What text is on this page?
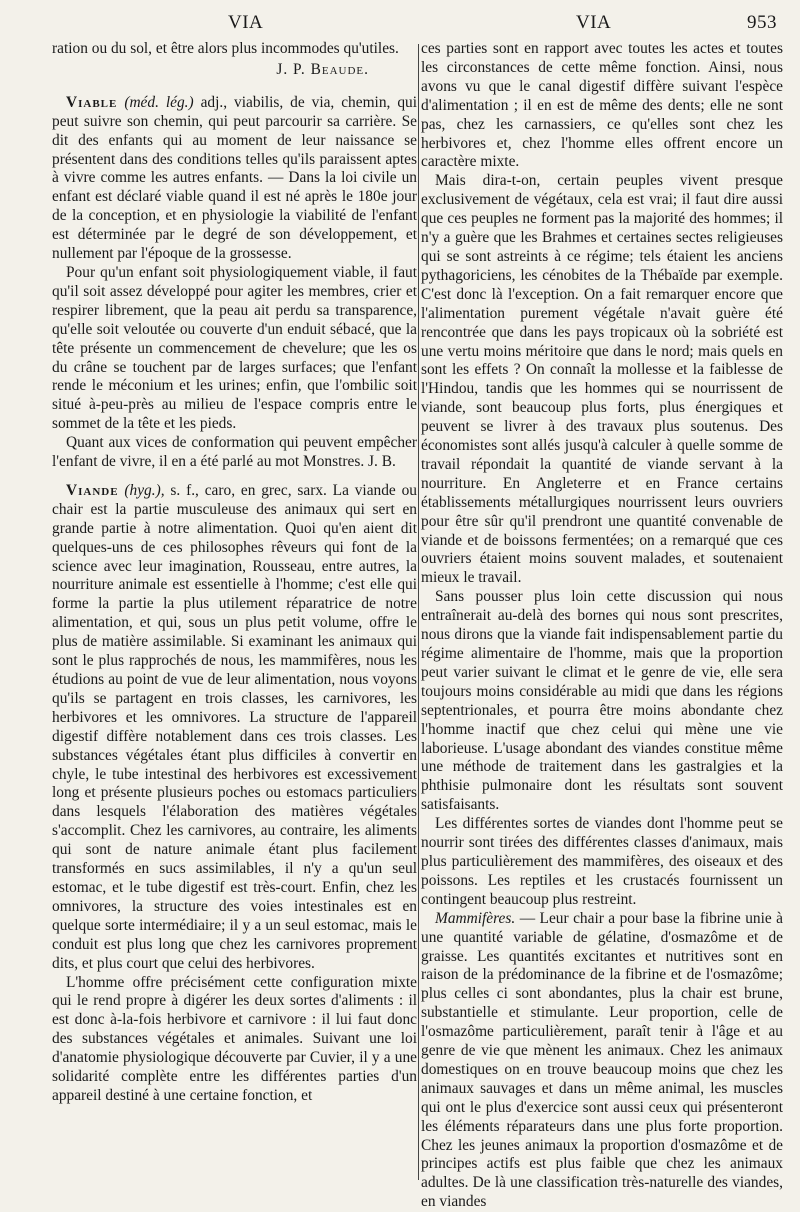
VIA	VIA	953

ration ou du sol, et être alors plus incommodes qu'utiles.

J. P. Beaude.

Viable (méd. lég.) adj., viabilis, de via, chemin, qui peut suivre son chemin, qui peut parcourir sa carrière. Se dit des enfants qui au moment de leur naissance se présentent dans des conditions telles qu'ils paraissent aptes à vivre comme les autres enfants. — Dans la loi civile un enfant est déclaré viable quand il est né après le 180e jour de la conception, et en physiologie la viabilité de l'enfant est déterminée par le degré de son développement, et nullement par l'époque de la grossesse.

Pour qu'un enfant soit physiologiquement viable, il faut qu'il soit assez développé pour agiter les membres, crier et respirer librement, que la peau ait perdu sa transparence, qu'elle soit veloutée ou couverte d'un enduit sébacé, que la tête présente un commencement de chevelure; que les os du crâne se touchent par de larges surfaces; que l'enfant rende le méconium et les urines; enfin, que l'ombilic soit situé à-peu-près au milieu de l'espace compris entre le sommet de la tête et les pieds.

Quant aux vices de conformation qui peuvent empêcher l'enfant de vivre, il en a été parlé au mot Monstres. J. B.

Viande (hyg.), s. f., caro, en grec, sarx. La viande ou chair est la partie musculeuse des animaux qui sert en grande partie à notre alimentation. Quoi qu'en aient dit quelques-uns de ces philosophes rêveurs qui font de la science avec leur imagination, Rousseau, entre autres, la nourriture animale est essentielle à l'homme; c'est elle qui forme la partie la plus utilement réparatrice de notre alimentation, et qui, sous un plus petit volume, offre le plus de matière assimilable. Si examinant les animaux qui sont le plus rapprochés de nous, les mammifères, nous les étudions au point de vue de leur alimentation, nous voyons qu'ils se partagent en trois classes, les carnivores, les herbivores et les omnivores. La structure de l'appareil digestif diffère notablement dans ces trois classes. Les substances végétales étant plus difficiles à convertir en chyle, le tube intestinal des herbivores est excessivement long et présente plusieurs poches ou estomacs particuliers dans lesquels l'élaboration des matières végétales s'accomplit. Chez les carnivores, au contraire, les aliments qui sont de nature animale étant plus facilement transformés en sucs assimilables, il n'y a qu'un seul estomac, et le tube digestif est très-court. Enfin, chez les omnivores, la structure des voies intestinales est en quelque sorte intermédiaire; il y a un seul estomac, mais le conduit est plus long que chez les carnivores proprement dits, et plus court que celui des herbivores.

L'homme offre précisément cette configuration mixte qui le rend propre à digérer les deux sortes d'aliments : il est donc à-la-fois herbivore et carnivore : il lui faut donc des substances végétales et animales. Suivant une loi d'anatomie physiologique découverte par Cuvier, il y a une solidarité complète entre les différentes parties d'un appareil destiné à une certaine fonction, et

ces parties sont en rapport avec toutes les actes et toutes les circonstances de cette même fonction. Ainsi, nous avons vu que le canal digestif diffère suivant l'espèce d'alimentation ; il en est de même des dents; elle ne sont pas, chez les carnassiers, ce qu'elles sont chez les herbivores et, chez l'homme elles offrent encore un caractère mixte.

Mais dira-t-on, certain peuples vivent presque exclusivement de végétaux, cela est vrai; il faut dire aussi que ces peuples ne forment pas la majorité des hommes; il n'y a guère que les Brahmes et certaines sectes religieuses qui se sont astreints à ce régime; tels étaient les anciens pythagoriciens, les cénobites de la Thébaïde par exemple. C'est donc là l'exception. On a fait remarquer encore que l'alimentation purement végétale n'avait guère été rencontrée que dans les pays tropicaux où la sobriété est une vertu moins méritoire que dans le nord; mais quels en sont les effets ? On connaît la mollesse et la faiblesse de l'Hindou, tandis que les hommes qui se nourrissent de viande, sont beaucoup plus forts, plus énergiques et peuvent se livrer à des travaux plus soutenus. Des économistes sont allés jusqu'à calculer à quelle somme de travail répondait la quantité de viande servant à la nourriture. En Angleterre et en France certains établissements métallurgiques nourrissent leurs ouvriers pour être sûr qu'il prendront une quantité convenable de viande et de boissons fermentées; on a remarqué que ces ouvriers étaient moins souvent malades, et soutenaient mieux le travail.

Sans pousser plus loin cette discussion qui nous entraînerait au-delà des bornes qui nous sont prescrites, nous dirons que la viande fait indispensablement partie du régime alimentaire de l'homme, mais que la proportion peut varier suivant le climat et le genre de vie, elle sera toujours moins considérable au midi que dans les régions septentrionales, et pourra être moins abondante chez l'homme inactif que chez celui qui mène une vie laborieuse. L'usage abondant des viandes constitue même une méthode de traitement dans les gastralgies et la phthisie pulmonaire dont les résultats sont souvent satisfaisants.

Les différentes sortes de viandes dont l'homme peut se nourrir sont tirées des différentes classes d'animaux, mais plus particulièrement des mammifères, des oiseaux et des poissons. Les reptiles et les crustacés fournissent un contingent beaucoup plus restreint.

Mammifères. — Leur chair a pour base la fibrine unie à une quantité variable de gélatine, d'osmazôme et de graisse. Les quantités excitantes et nutritives sont en raison de la prédominance de la fibrine et de l'osmazôme; plus celles ci sont abondantes, plus la chair est brune, substantielle et stimulante. Leur proportion, celle de l'osmazôme particulièrement, paraît tenir à l'âge et au genre de vie que mènent les animaux. Chez les animaux domestiques on en trouve beaucoup moins que chez les animaux sauvages et dans un même animal, les muscles qui ont le plus d'exercice sont aussi ceux qui présenteront les éléments réparateurs dans une plus forte proportion. Chez les jeunes animaux la proportion d'osmazôme et de principes actifs est plus faible que chez les animaux adultes. De là une classification très-naturelle des viandes, en viandes
